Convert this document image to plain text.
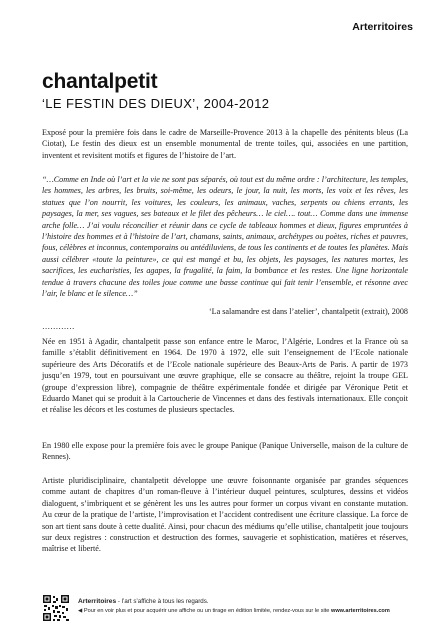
Arterritoires
chantalpetit
‘LE FESTIN DES DIEUX’, 2004-2012

Exposé pour la première fois dans le cadre de Marseille-Provence 2013 à la chapelle des pénitents bleus (La Ciotat), Le festin des dieux est un ensemble monumental de trente toiles, qui, associées en une partition, inventent et revisitent motifs et figures de l’histoire de l’art.

“…Comme en Inde où l’art et la vie ne sont pas séparés, où tout est du même ordre : l’architecture, les temples, les hommes, les arbres, les bruits, soi-même, les odeurs, le jour, la nuit, les morts, les voix et les rêves, les statues que l’on nourrit, les voitures, les couleurs, les animaux, vaches, serpents ou chiens errants, les paysages, la mer, ses vagues, ses bateaux et le filet des pêcheurs… le ciel…. tout… Comme dans une immense arche folle… J’ai voulu réconcilier et réunir dans ce cycle de tableaux hommes et dieux, figures empruntées à l’histoire des hommes et à l’histoire de l’art, chamans, saints, animaux, archétypes ou poètes, riches et pauvres, fous, célèbres et inconnus, contemporains ou antédiluviens, de tous les continents et de toutes les planètes. Mais aussi célébrer «toute la peinture», ce qui est mangé et bu, les objets, les paysages, les natures mortes, les sacrifices, les eucharisties, les agapes, la frugalité, la faim, la bombance et les restes. Une ligne horizontale tendue à travers chacune des toiles joue comme une basse continue qui fait tenir l’ensemble, et résonne avec l’air, le blanc et le silence…”

‘La salamandre est dans l’atelier’, chantalpetit (extrait), 2008

…………

Née en 1951 à Agadir, chantalpetit passe son enfance entre le Maroc, l’Algérie, Londres et la France où sa famille s’établit définitivement en 1964. De 1970 à 1972, elle suit l’enseignement de l’Ecole nationale supérieure des Arts Décoratifs et de l’Ecole nationale supérieure des Beaux-Arts de Paris. A partir de 1973 jusqu’en 1979, tout en poursuivant une œuvre graphique, elle se consacre au théâtre, rejoint la troupe GEL (groupe d’expression libre), compagnie de théâtre expérimentale fondée et dirigée par Véronique Petit et Eduardo Manet qui se produit à la Cartoucherie de Vincennes et dans des festivals internationaux. Elle conçoit et réalise les décors et les costumes de plusieurs spectacles.

En 1980 elle expose pour la première fois avec le groupe Panique (Panique Universelle, maison de la culture de Rennes).

Artiste pluridisciplinaire, chantalpetit développe une œuvre foisonnante organisée par grandes séquences comme autant de chapitres d’un roman-fleuve à l’intérieur duquel peintures, sculptures, dessins et vidéos dialoguent, s’imbriquent et se génèrent les uns les autres pour former un corpus vivant en constante mutation. Au cœur de la pratique de l’artiste, l’improvisation et l’accident contredisent une écriture classique. La force de son art tient sans doute à cette dualité. Ainsi, pour chacun des médiums qu’elle utilise, chantalpetit joue toujours sur deux registres : construction et destruction des formes, sauvagerie et sophistication, matières et réserves, maîtrise et liberté.

Arterritoires - l’art s’affiche à tous les regards.
◀ Pour en voir plus et pour acquérir une affiche ou un tirage en édition limitée, rendez-vous sur le site www.arterritoires.com
